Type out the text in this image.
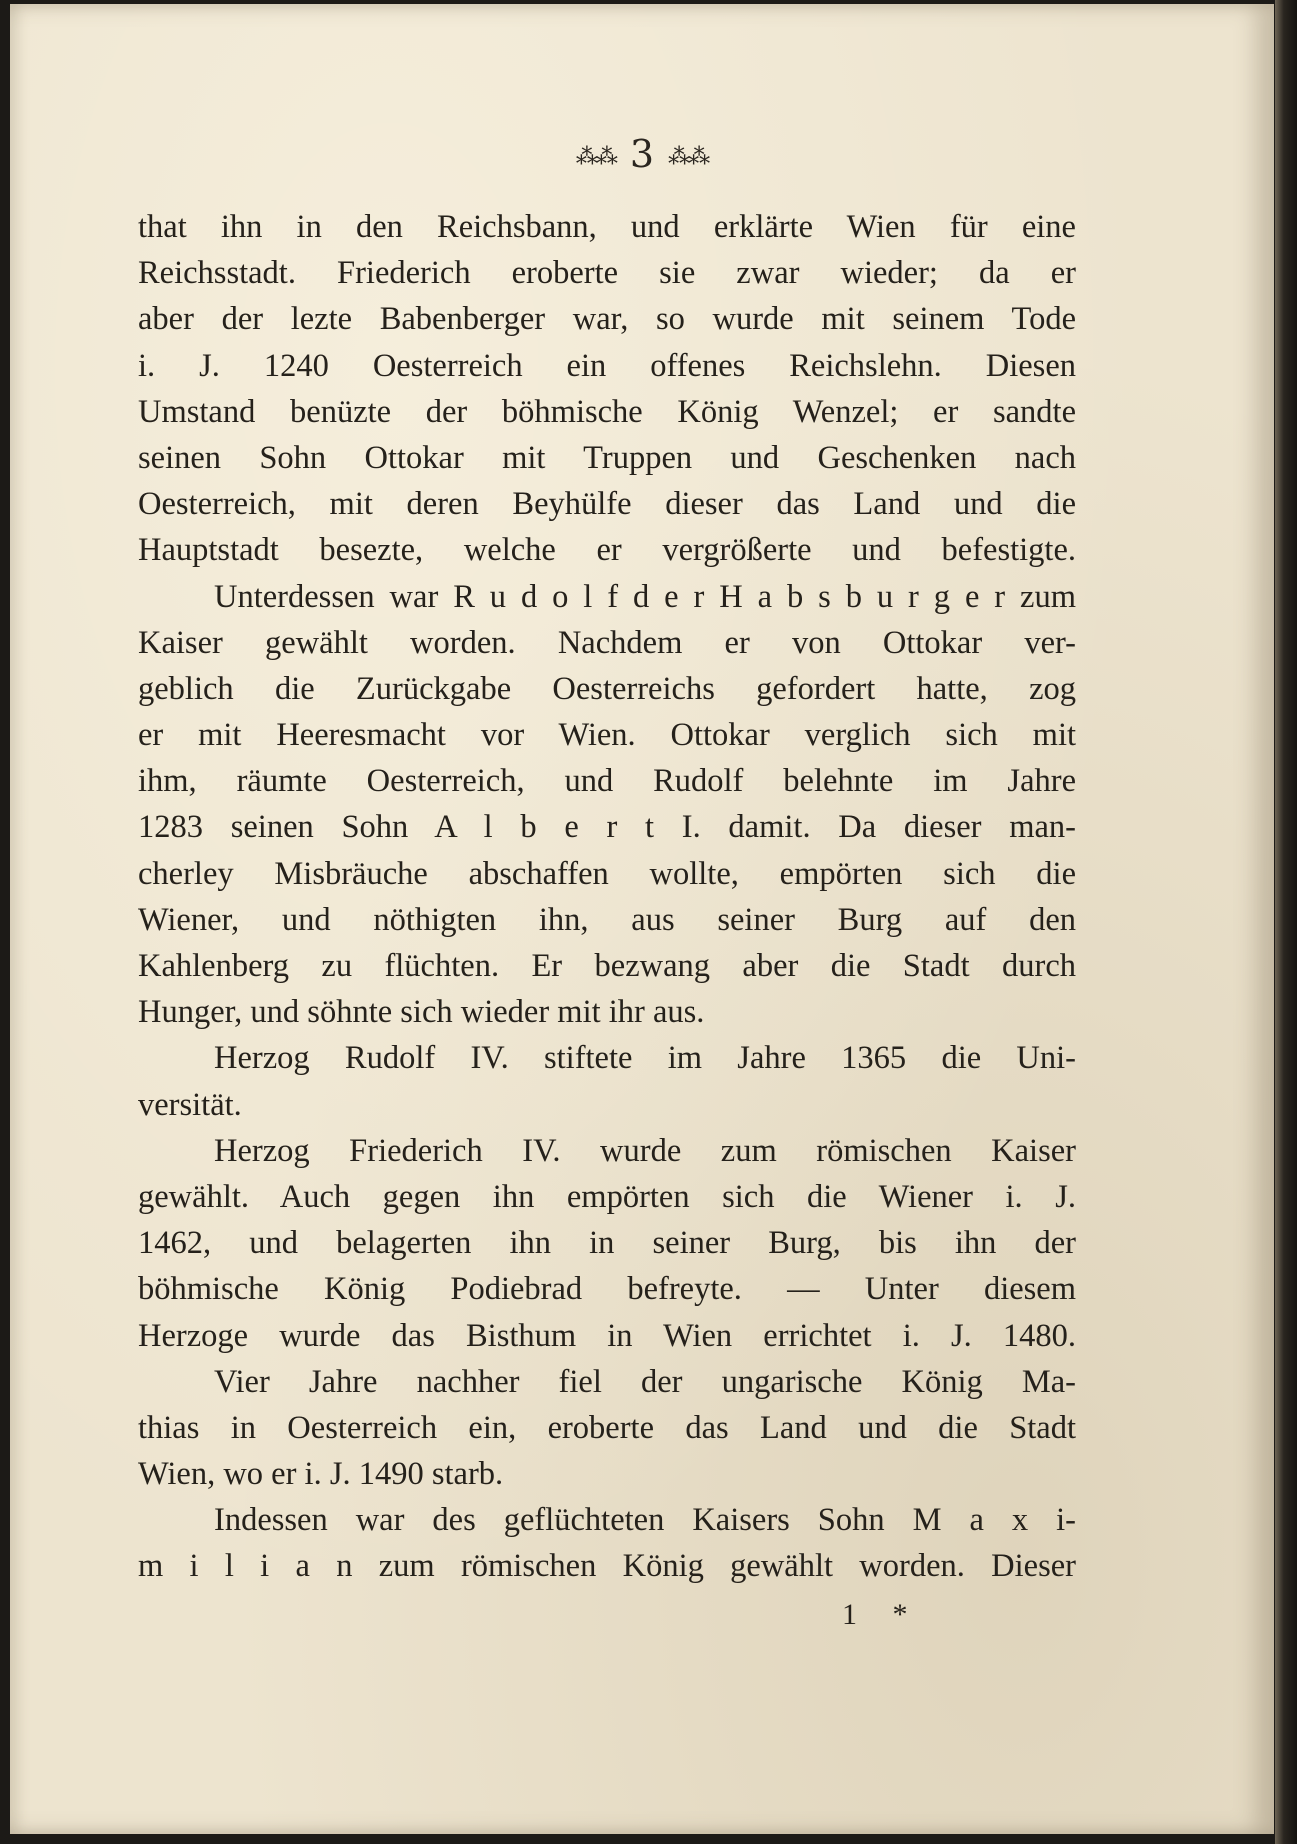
⁂⁂ 3 ⁂⁂
that ihn in den Reichsbann, und erklärte Wien für eine
Reichsstadt. Friederich eroberte sie zwar wieder; da er
aber der lezte Babenberger war, so wurde mit seinem Tode
i. J. 1240 Oesterreich ein offenes Reichslehn. Diesen
Umstand benüzte der böhmische König Wenzel; er sandte
seinen Sohn Ottokar mit Truppen und Geschenken nach
Oesterreich, mit deren Beyhülfe dieser das Land und die
Hauptstadt besezte, welche er vergrößerte und befestigte.
Unterdessen war R u d o l f d e r H a b s b u r g e r zum
Kaiser gewählt worden. Nachdem er von Ottokar ver-
geblich die Zurückgabe Oesterreichs gefordert hatte, zog
er mit Heeresmacht vor Wien. Ottokar verglich sich mit
ihm, räumte Oesterreich, und Rudolf belehnte im Jahre
1283 seinen Sohn A l b e r t I. damit. Da dieser man-
cherley Misbräuche abschaffen wollte, empörten sich die
Wiener, und nöthigten ihn, aus seiner Burg auf den
Kahlenberg zu flüchten. Er bezwang aber die Stadt durch
Hunger, und söhnte sich wieder mit ihr aus.
Herzog Rudolf IV. stiftete im Jahre 1365 die Uni-
versität.
Herzog Friederich IV. wurde zum römischen Kaiser
gewählt. Auch gegen ihn empörten sich die Wiener i. J.
1462, und belagerten ihn in seiner Burg, bis ihn der
böhmische König Podiebrad befreyte. — Unter diesem
Herzoge wurde das Bisthum in Wien errichtet i. J. 1480.
Vier Jahre nachher fiel der ungarische König Ma-
thias in Oesterreich ein, eroberte das Land und die Stadt
Wien, wo er i. J. 1490 starb.
Indessen war des geflüchteten Kaisers Sohn M a x i-
m i l i a n zum römischen König gewählt worden. Dieser
1 *
